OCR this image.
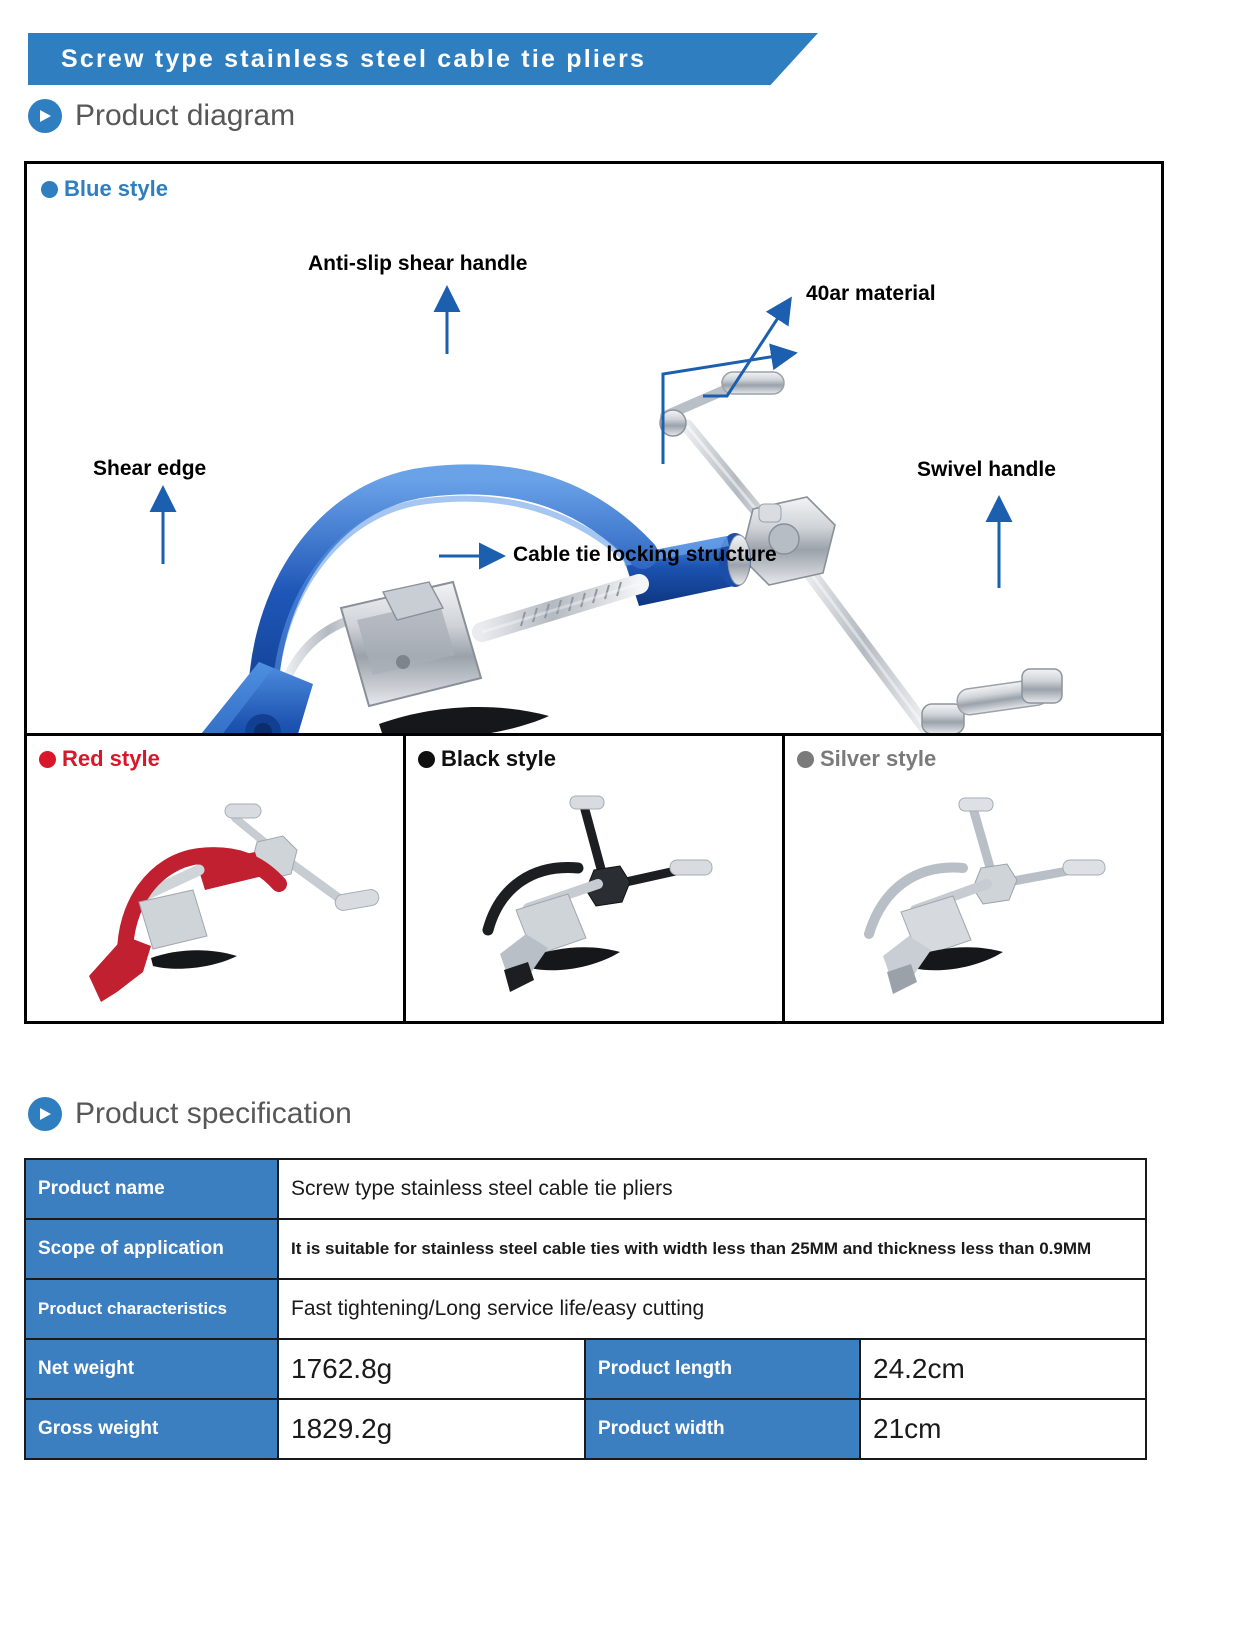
Screw type stainless steel cable tie pliers
Product diagram
Blue style
Anti-slip shear handle
40ar material
Shear edge	Swivel handle
Cable tie locking structure
Red style	Black style	Silver style
Product specification
Product name	Screw type stainless steel cable tie pliers		
Scope of application	It is suitable for stainless steel cable ties with width less than 25MM and thickness less than 0.9MM		
Product characteristics	Fast tightening/Long service life/easy cutting		
Net weight	1762.8g	Product length	24.2cm
Gross weight	1829.2g	Product width	21cm
